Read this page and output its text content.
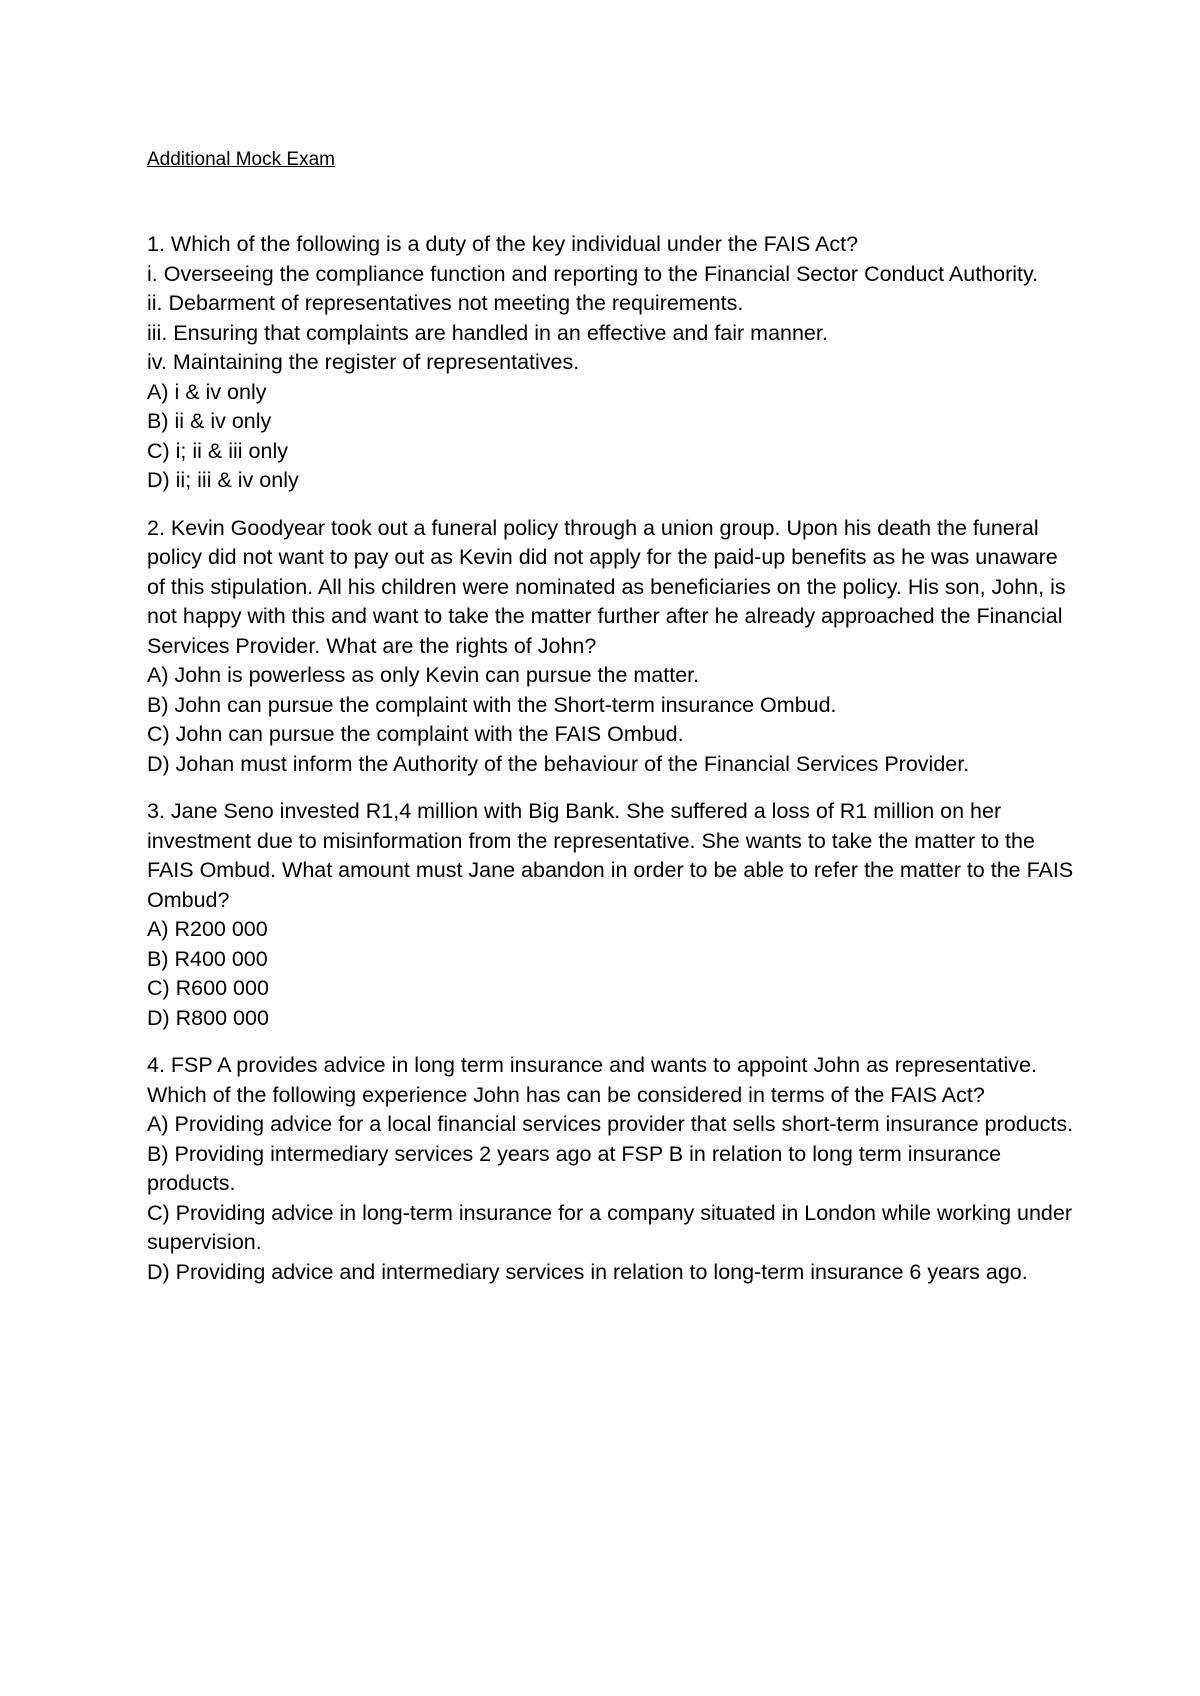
Additional Mock Exam

1. Which of the following is a duty of the key individual under the FAIS Act?

i. Overseeing the compliance function and reporting to the Financial Sector Conduct Authority.

ii. Debarment of representatives not meeting the requirements.

iii. Ensuring that complaints are handled in an effective and fair manner.

iv. Maintaining the register of representatives.

A) i & iv only

B) ii & iv only

C) i; ii & iii only

D) ii; iii & iv only

2. Kevin Goodyear took out a funeral policy through a union group. Upon his death the funeral policy did not want to pay out as Kevin did not apply for the paid-up benefits as he was unaware of this stipulation. All his children were nominated as beneficiaries on the policy. His son, John, is not happy with this and want to take the matter further after he already approached the Financial Services Provider. What are the rights of John?

A) John is powerless as only Kevin can pursue the matter.

B) John can pursue the complaint with the Short-term insurance Ombud.

C) John can pursue the complaint with the FAIS Ombud.

D) Johan must inform the Authority of the behaviour of the Financial Services Provider.

3. Jane Seno invested R1,4 million with Big Bank. She suffered a loss of R1 million on her investment due to misinformation from the representative. She wants to take the matter to the FAIS Ombud. What amount must Jane abandon in order to be able to refer the matter to the FAIS Ombud?

A) R200 000

B) R400 000

C) R600 000

D) R800 000

4. FSP A provides advice in long term insurance and wants to appoint John as representative. Which of the following experience John has can be considered in terms of the FAIS Act?

A) Providing advice for a local financial services provider that sells short-term insurance products.

B) Providing intermediary services 2 years ago at FSP B in relation to long term insurance products.

C) Providing advice in long-term insurance for a company situated in London while working under supervision.

D) Providing advice and intermediary services in relation to long-term insurance 6 years ago.
